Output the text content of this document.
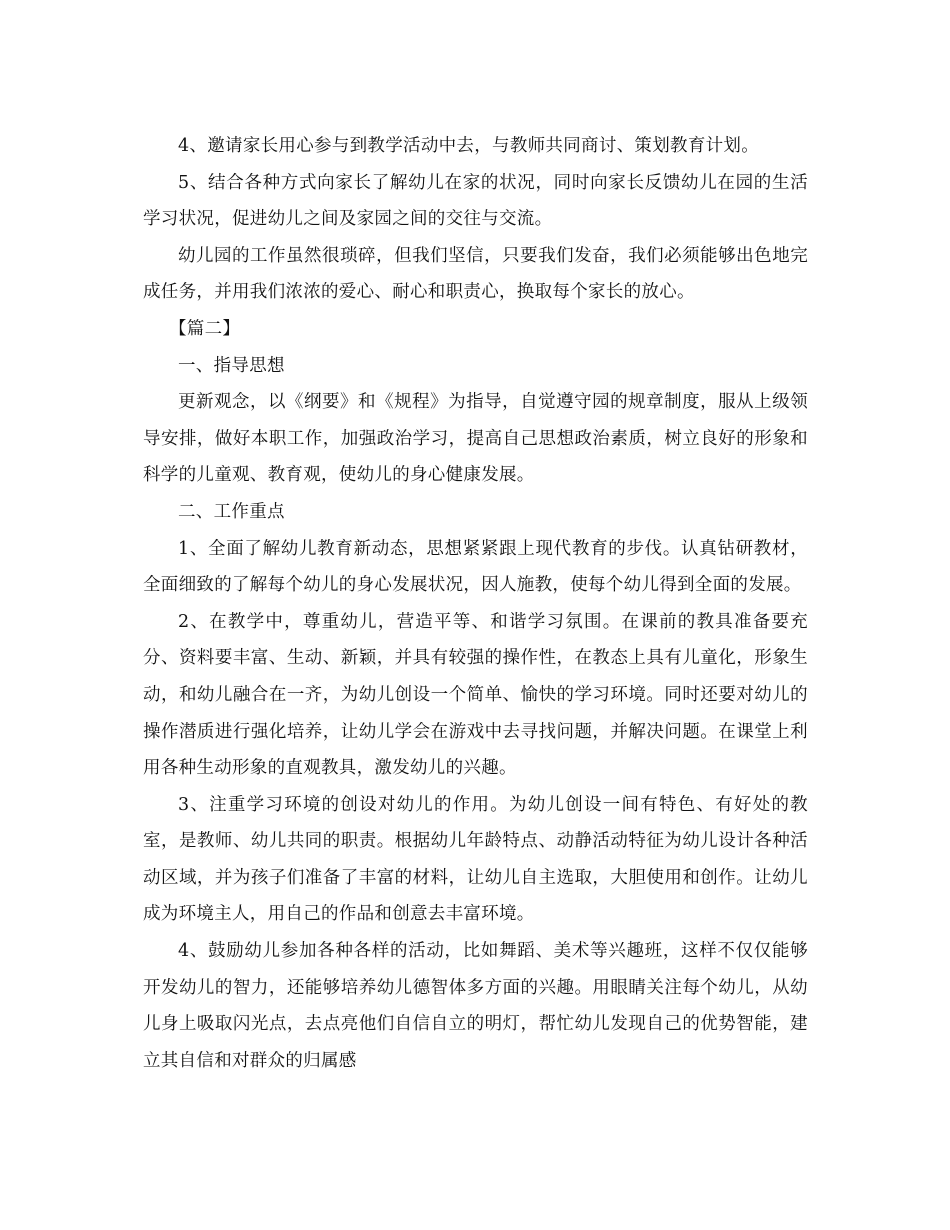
4、邀请家长用心参与到教学活动中去，与教师共同商讨、策划教育计划。

5、结合各种方式向家长了解幼儿在家的状况，同时向家长反馈幼儿在园的生活学习状况，促进幼儿之间及家园之间的交往与交流。

幼儿园的工作虽然很琐碎，但我们坚信，只要我们发奋，我们必须能够出色地完成任务，并用我们浓浓的爱心、耐心和职责心，换取每个家长的放心。

【篇二】

一、指导思想

更新观念，以《纲要》和《规程》为指导，自觉遵守园的规章制度，服从上级领导安排，做好本职工作，加强政治学习，提高自己思想政治素质，树立良好的形象和科学的儿童观、教育观，使幼儿的身心健康发展。

二、工作重点

1、全面了解幼儿教育新动态，思想紧紧跟上现代教育的步伐。认真钻研教材，全面细致的了解每个幼儿的身心发展状况，因人施教，使每个幼儿得到全面的发展。

2、在教学中，尊重幼儿，营造平等、和谐学习氛围。在课前的教具准备要充分、资料要丰富、生动、新颖，并具有较强的操作性，在教态上具有儿童化，形象生动，和幼儿融合在一齐，为幼儿创设一个简单、愉快的学习环境。同时还要对幼儿的操作潜质进行强化培养，让幼儿学会在游戏中去寻找问题，并解决问题。在课堂上利用各种生动形象的直观教具，激发幼儿的兴趣。

3、注重学习环境的创设对幼儿的作用。为幼儿创设一间有特色、有好处的教室，是教师、幼儿共同的职责。根据幼儿年龄特点、动静活动特征为幼儿设计各种活动区域，并为孩子们准备了丰富的材料，让幼儿自主选取，大胆使用和创作。让幼儿成为环境主人，用自己的作品和创意去丰富环境。

4、鼓励幼儿参加各种各样的活动，比如舞蹈、美术等兴趣班，这样不仅仅能够开发幼儿的智力，还能够培养幼儿德智体多方面的兴趣。用眼睛关注每个幼儿，从幼儿身上吸取闪光点，去点亮他们自信自立的明灯，帮忙幼儿发现自己的优势智能，建立其自信和对群众的归属感
